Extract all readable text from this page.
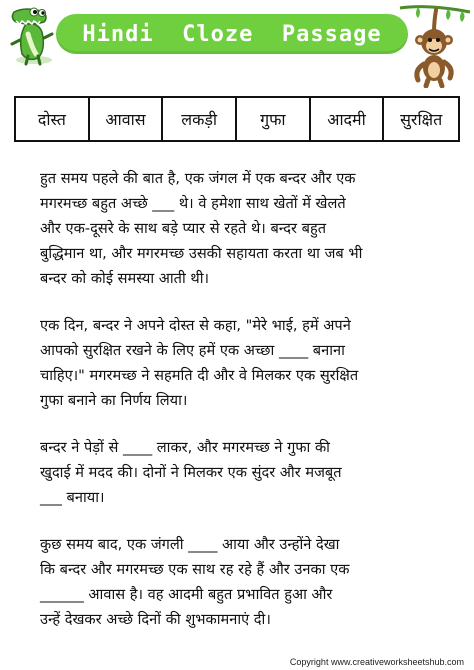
Hindi  Cloze  Passage
दोस्त	आवास	लकड़ी	गुफा	आदमी	सुरक्षित
हुत समय पहले की बात है, एक जंगल में एक बन्दर और एक
मगरमच्छ बहुत अच्छे ___ थे। वे हमेशा साथ खेतों में खेलते
और एक-दूसरे के साथ बड़े प्यार से रहते थे। बन्दर बहुत
बुद्धिमान था, और मगरमच्छ उसकी सहायता करता था जब भी
बन्दर को कोई समस्या आती थी।
एक दिन, बन्दर ने अपने दोस्त से कहा, "मेरे भाई, हमें अपने
आपको सुरक्षित रखने के लिए हमें एक अच्छा ____ बनाना
चाहिए।" मगरमच्छ ने सहमति दी और वे मिलकर एक सुरक्षित
गुफा बनाने का निर्णय लिया।
बन्दर ने पेड़ों से ____ लाकर, और मगरमच्छ ने गुफा की
खुदाई में मदद की। दोनों ने मिलकर एक सुंदर और मजबूत
___ बनाया।
कुछ समय बाद, एक जंगली ____ आया और उन्होंने देखा
कि बन्दर और मगरमच्छ एक साथ रह रहे हैं और उनका एक
______ आवास है। वह आदमी बहुत प्रभावित हुआ और
उन्हें देखकर अच्छे दिनों की शुभकामनाएं दी।
Copyright www.creativeworksheetshub.com
